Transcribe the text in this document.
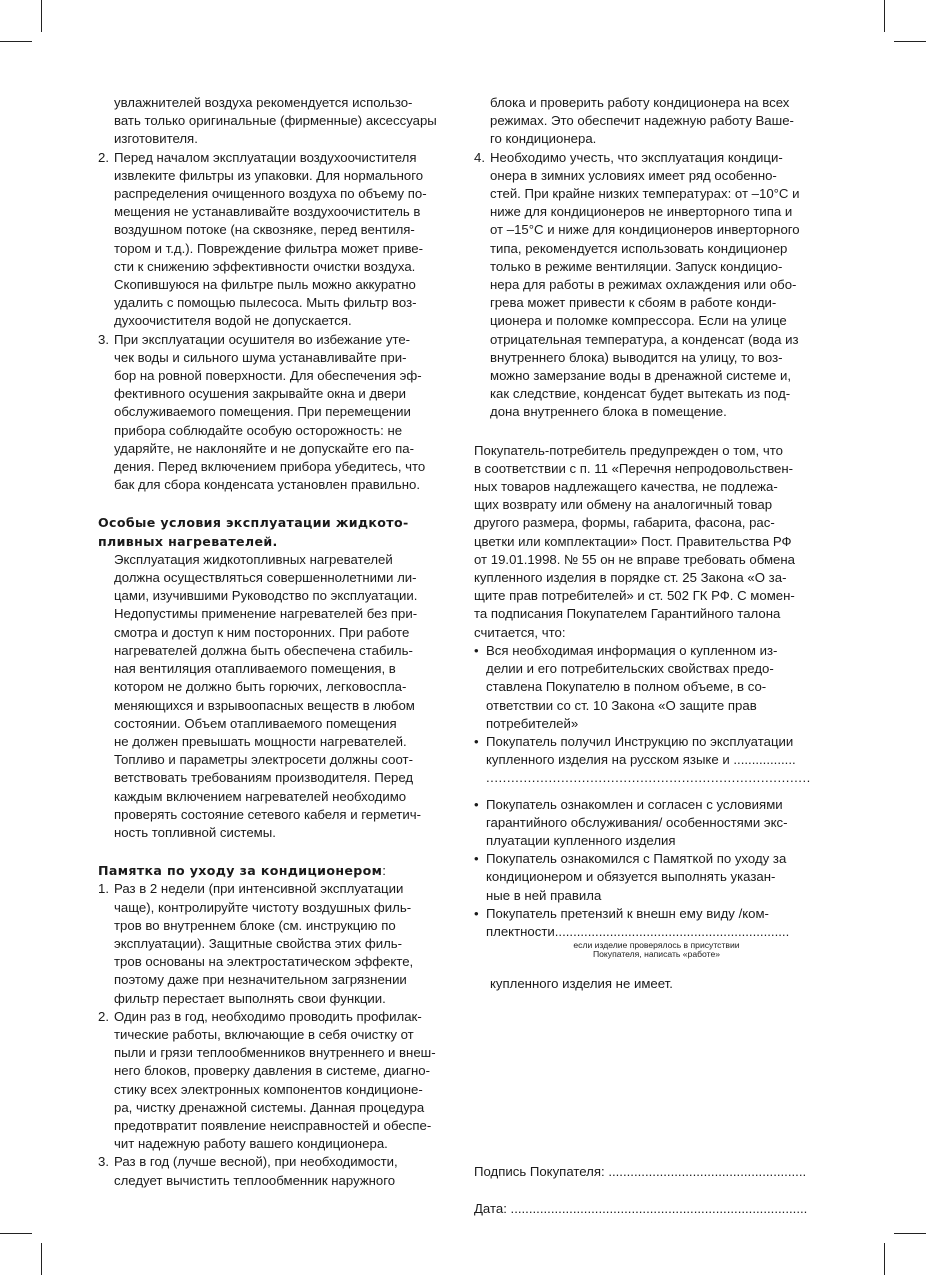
увлажнителей воздуха рекомендуется использо-
вать только оригинальные (фирменные) аксессуары
изготовителя.
2. Перед началом эксплуатации воздухоочистителя
извлеките фильтры из упаковки. Для нормального
распределения очищенного воздуха по объему по-
мещения не устанавливайте воздухоочиститель в
воздушном потоке (на сквозняке, перед вентиля-
тором и т.д.). Повреждение фильтра может приве-
сти к снижению эффективности очистки воздуха.
Скопившуюся на фильтре пыль можно аккуратно
удалить с помощью пылесоса. Мыть фильтр воз-
духоочистителя водой не допускается.
3. При эксплуатации осушителя во избежание уте-
чек воды и сильного шума устанавливайте при-
бор на ровной поверхности. Для обеспечения эф-
фективного осушения закрывайте окна и двери
обслуживаемого помещения. При перемещении
прибора соблюдайте особую осторожность: не
ударяйте, не наклоняйте и не допускайте его па-
дения. Перед включением прибора убедитесь, что
бак для сбора конденсата установлен правильно.
Особые условия эксплуатации жидкото-
пливных нагревателей.
Эксплуатация жидкотопливных нагревателей
должна осуществляться совершеннолетними ли-
цами, изучившими Руководство по эксплуатации.
Недопустимы применение нагревателей без при-
смотра и доступ к ним посторонних. При работе
нагревателей должна быть обеспечена стабиль-
ная вентиляция отапливаемого помещения, в
котором не должно быть горючих, легковоспла-
меняющихся и взрывоопасных веществ в любом
состоянии. Объем отапливаемого помещения
не должен превышать мощности нагревателей.
Топливо и параметры электросети должны соот-
ветствовать требованиям производителя. Перед
каждым включением нагревателей необходимо
проверять состояние сетевого кабеля и герметич-
ность топливной системы.
Памятка по уходу за кондиционером:
1. Раз в 2 недели (при интенсивной эксплуатации
чаще), контролируйте чистоту воздушных филь-
тров во внутреннем блоке (см. инструкцию по
эксплуатации). Защитные свойства этих филь-
тров основаны на электростатическом эффекте,
поэтому даже при незначительном загрязнении
фильтр перестает выполнять свои функции.
2. Один раз в год, необходимо проводить профилак-
тические работы, включающие в себя очистку от
пыли и грязи теплообменников внутреннего и внеш-
него блоков, проверку давления в системе, диагно-
стику всех электронных компонентов кондиционе-
ра, чистку дренажной системы. Данная процедура
предотвратит появление неисправностей и обеспе-
чит надежную работу вашего кондиционера.
3. Раз в год (лучше весной), при необходимости,
следует вычистить теплообменник наружного
блока и проверить работу кондиционера на всех
режимах. Это обеспечит надежную работу Ваше-
го кондиционера.
4. Необходимо учесть, что эксплуатация кондици-
онера в зимних условиях имеет ряд особенно-
стей. При крайне низких температурах: от –10°С и
ниже для кондиционеров не инверторного типа и
от –15°С и ниже для кондиционеров инверторного
типа, рекомендуется использовать кондиционер
только в режиме вентиляции. Запуск кондицио-
нера для работы в режимах охлаждения или обо-
грева может привести к сбоям в работе конди-
ционера и поломке компрессора. Если на улице
отрицательная температура, а конденсат (вода из
внутреннего блока) выводится на улицу, то воз-
можно замерзание воды в дренажной системе и,
как следствие, конденсат будет вытекать из под-
дона внутреннего блока в помещение.
Покупатель-потребитель предупрежден о том, что
в соответствии с п. 11 «Перечня непродовольствен-
ных товаров надлежащего качества, не подлежа-
щих возврату или обмену на аналогичный товар
другого размера, формы, габарита, фасона, рас-
цветки или комплектации» Пост. Правительства РФ
от 19.01.1998. № 55 он не вправе требовать обмена
купленного изделия в порядке ст. 25 Закона «О за-
щите прав потребителей» и ст. 502 ГК РФ. С момен-
та подписания Покупателем Гарантийного талона
считается, что:
• Вся необходимая информация о купленном из-
делии и его потребительских свойствах предо-
ставлена Покупателю в полном объеме, в со-
ответствии со ст. 10 Закона «О защите прав
потребителей»
• Покупатель получил Инструкцию по эксплуатации
купленного изделия на русском языке и .................
..............................................................................
• Покупатель ознакомлен и согласен с условиями
гарантийного обслуживания/ особенностями экс-
плуатации купленного изделия
• Покупатель ознакомился с Памяткой по уходу за
кондиционером и обязуется выполнять указан-
ные в ней правила
• Покупатель претензий к внешн ему виду /ком-
плектности................................................................
если изделие проверялось в присутствии
Покупателя, написать «работе»
купленного изделия не имеет.
Подпись Покупателя: ......................................................
Дата: .................................................................................
